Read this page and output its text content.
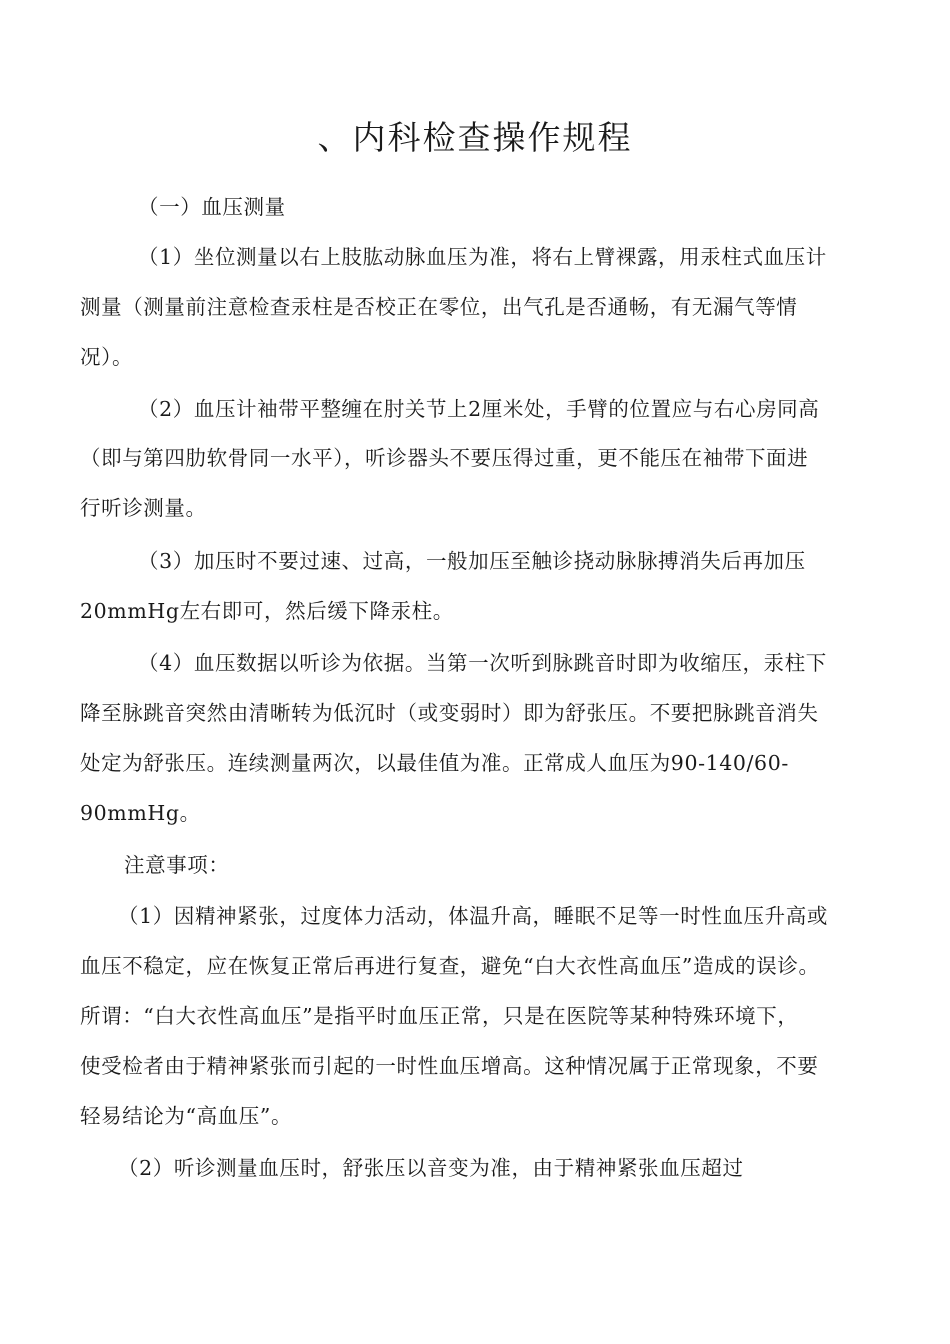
、内科检查操作规程
（一）血压测量
（1）坐位测量以右上肢肱动脉血压为准，将右上臂裸露，用汞柱式血压计
测量（测量前注意检查汞柱是否校正在零位，出气孔是否通畅，有无漏气等情
况）。
（2）血压计袖带平整缠在肘关节上2厘米处，手臂的位置应与右心房同高
（即与第四肋软骨同一水平），听诊器头不要压得过重，更不能压在袖带下面进
行听诊测量。
（3）加压时不要过速、过高，一般加压至触诊挠动脉脉搏消失后再加压
20mmHg左右即可，然后缓下降汞柱。
（4）血压数据以听诊为依据。当第一次听到脉跳音时即为收缩压，汞柱下
降至脉跳音突然由清晰转为低沉时（或变弱时）即为舒张压。不要把脉跳音消失
处定为舒张压。连续测量两次，以最佳值为准。正常成人血压为90-140/60-
90mmHg。
注意事项：
（1）因精神紧张，过度体力活动，体温升高，睡眠不足等一时性血压升高或
血压不稳定，应在恢复正常后再进行复查，避免“白大衣性高血压”造成的误诊。
所谓：“白大衣性高血压”是指平时血压正常，只是在医院等某种特殊环境下，
使受检者由于精神紧张而引起的一时性血压增高。这种情况属于正常现象，不要
轻易结论为“高血压”。
（2）听诊测量血压时，舒张压以音变为准，由于精神紧张血压超过
